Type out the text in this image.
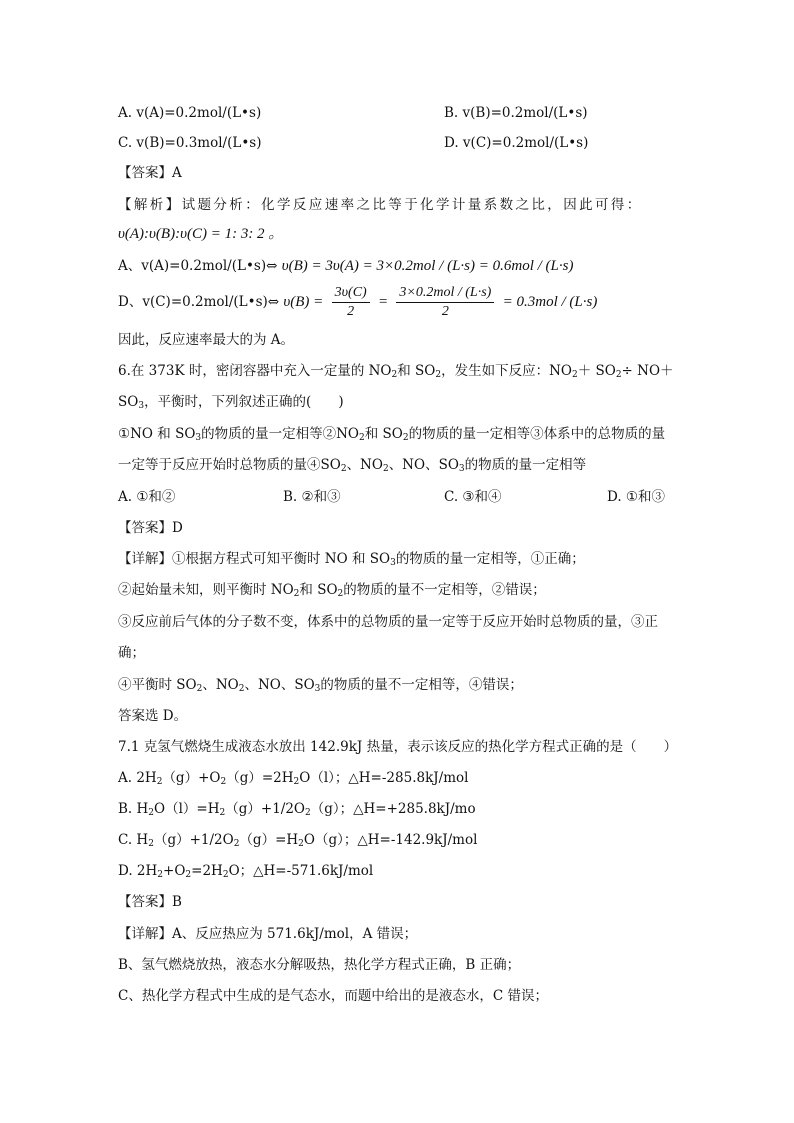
A. v(A)=0.2mol/(L•s)	B. v(B)=0.2mol/(L•s)
C. v(B)=0.3mol/(L•s)	D. v(C)=0.2mol/(L•s)
【答案】A
【解析】试题分析：化学反应速率之比等于化学计量系数之比，因此可得：
υ(A):υ(B):υ(C) = 1: 3: 2 。
A、v(A)=0.2mol/(L•s)⇔ υ(B) = 3υ(A) = 3×0.2mol / (L·s) = 0.6mol / (L·s)
D、v(C)=0.2mol/(L•s)⇔ $\upsilon(B) = \frac{3\upsilon(C)}{2} = \frac{\text{3×0.2mol / (L·s)}}{2} = 0.3mol / (L\cdot s)$
因此，反应速率最大的为 A。
6.在 373K 时，密闭容器中充入一定量的 $NO_2$和 $SO_2$，发生如下反应：$NO_2+ SO_2\div NO+$
$SO_3$，平衡时，下列叙述正确的(　　)
①NO 和 $SO_3$的物质的量一定相等$②NO_2$和 $SO_2$的物质的量一定相等③体系中的总物质的量
一定等于反应开始时总物质的量$④SO_2$、$NO_2$、NO、$SO_3$的物质的量一定相等
A. ①和②	B. ②和③	C. ③和④	D. ①和③
【答案】D
【详解】①根据方程式可知平衡时 NO 和 $SO_3$的物质的量一定相等，①正确；
②起始量未知，则平衡时 $NO_2$和 $SO_2$的物质的量不一定相等，②错误；
③反应前后气体的分子数不变，体系中的总物质的量一定等于反应开始时总物质的量，③正
确；
④平衡时 $SO_2$、$NO_2$、NO、$SO_3$的物质的量不一定相等，④错误；
答案选 D。
7.1 克氢气燃烧生成液态水放出 142.9kJ 热量，表示该反应的热化学方程式正确的是（　　）
A. $2H_2(g)+O_2(g)=2H_2O(l)$；△H=-285.8kJ/mol
B. $H_2O(l)=H_2(g)+1/2O_2(g)$；△H=+285.8kJ/mo
C. $H_2(g)+1/2O_2(g)=H_2O(g)$；△H=-142.9kJ/mol
D. $2H_2+O_2=2H_2O$；△H=-571.6kJ/mol
【答案】B
【详解】A、反应热应为 571.6kJ/mol，A 错误；
B、氢气燃烧放热，液态水分解吸热，热化学方程式正确，B 正确；
C、热化学方程式中生成的是气态水，而题中给出的是液态水，C 错误；
